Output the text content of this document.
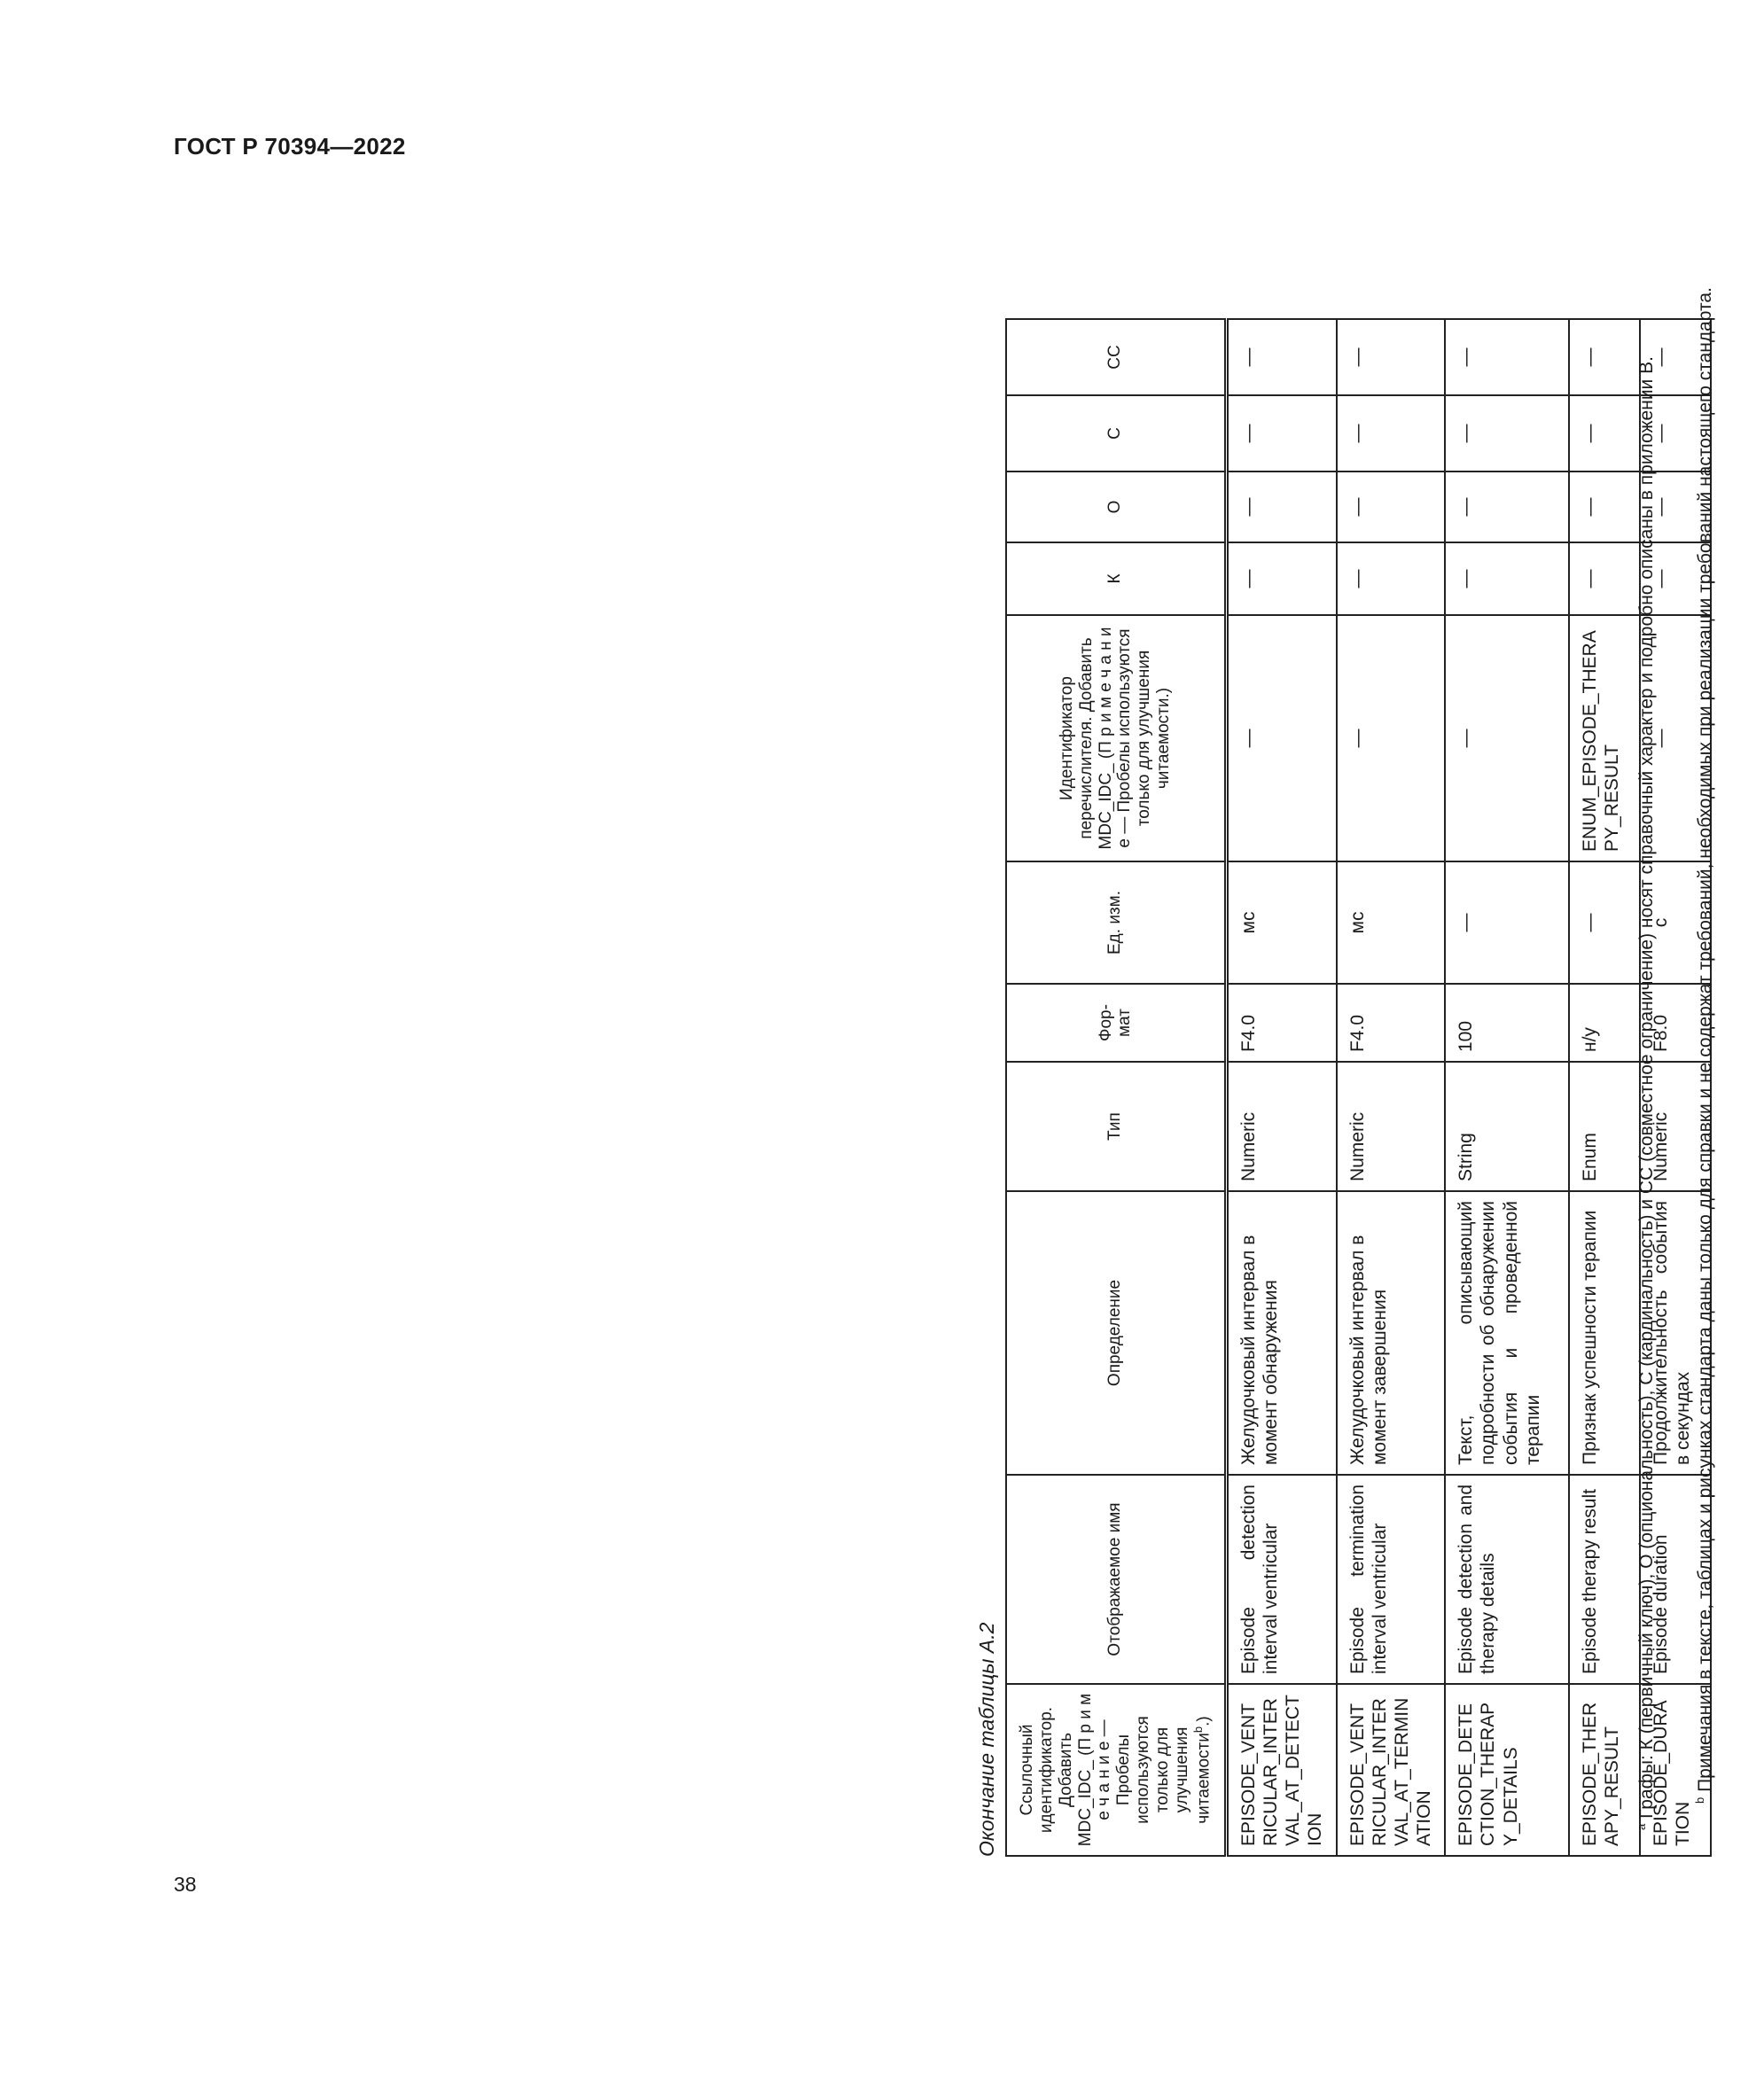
ГОСТ Р 70394—2022
38
Окончание таблицы А.2 Ссылочный идентификатор. Добавить MDC_IDC_ (П р и м е ч а н и е — Пробелы используются только для улучшения читаемости$^b$.)	Отображаемое имя	Определение	Тип	Фор-мат	Ед. изм.	Идентификатор перечислителя. Добавить MDC_IDC_ (П р и м е ч а н и е — Пробелы используются только для улучшения читаемости.)	К	О	С	СС
EPISODE_VENTRICULAR_INTERVAL_AT_DETECTION	Episode detection interval ventricular	Желудочковый интервал в момент обнаружения	Numeric	F4.0	мс	—	—	—	—	—
EPISODE_VENTRICULAR_INTERVAL_AT_TERMINATION	Episode termination interval ventricular	Желудочковый интервал в момент завершения	Numeric	F4.0	мс	—	—	—	—	—
EPISODE_DETECTION_THERAPY_DETAILS	Episode detection and therapy details	Текст, описывающий подробности об обнаружении события и проведенной терапии	String	100	—	—	—	—	—	—
EPISODE_THERAPY_RESULT	Episode therapy result	Признак успешности терапии	Enum	н/у	—	ENUM_EPISODE_THERAPY_RESULT	—	—	—	—
EPISODE_DURATION	Episode duration	Продолжительность события в секундах	Numeric	F8.0	с	—	—	—	—	—
$^a$ Графы: К (первичный ключ), О (опциональность), С (кардинальность) и СС (совместное ограничение) носят справочный характер и подробно описаны в приложении В.	$^b$ Примечания в тексте, таблицах и рисунках стандарта даны только для справки и не содержат требований, необходимых при реализации требований настоящего стандарта.
